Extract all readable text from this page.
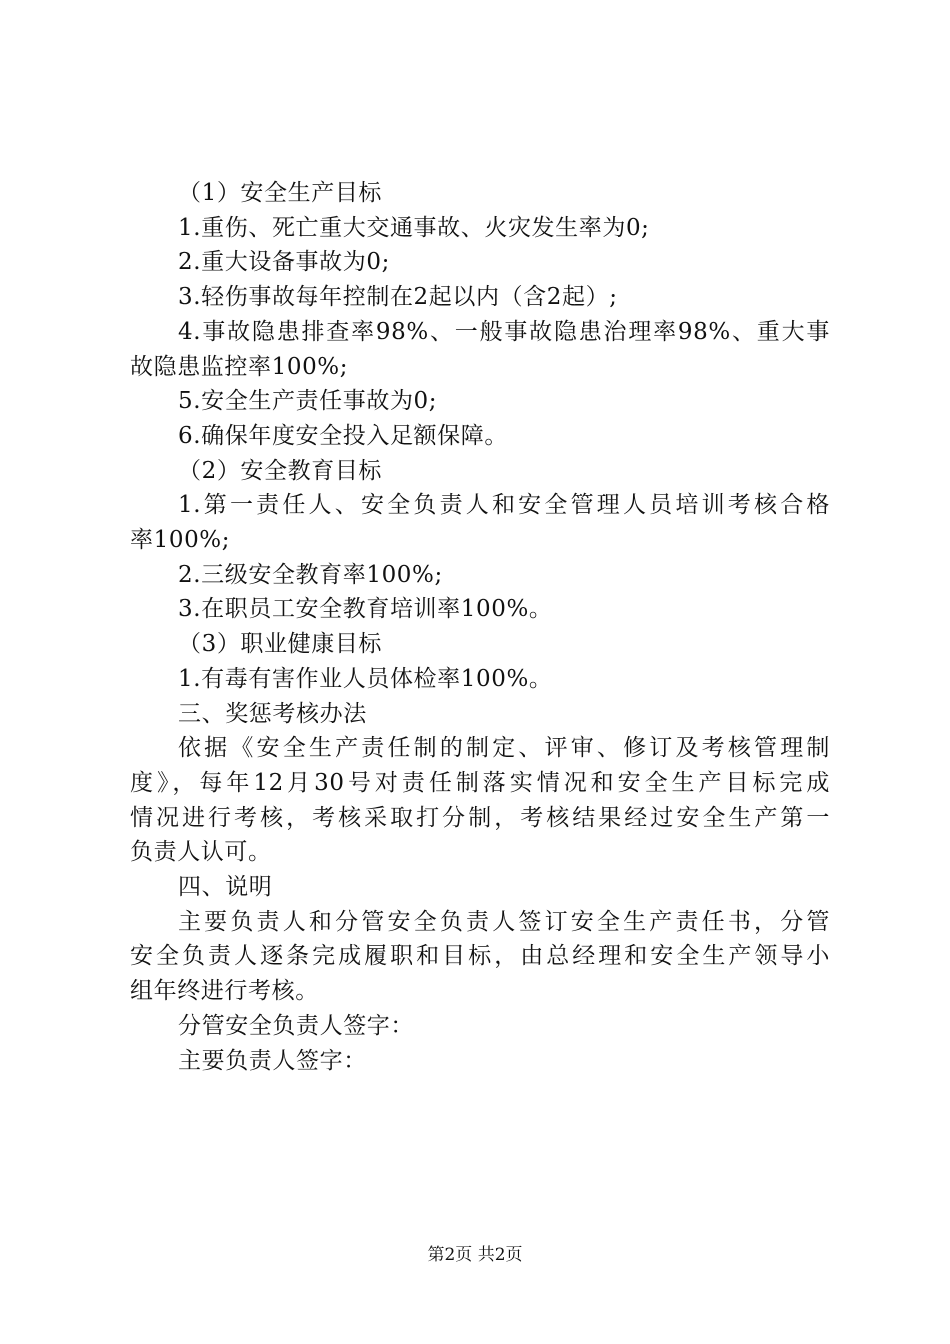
（1）安全生产目标
1.重伤、死亡重大交通事故、火灾发生率为0;
2.重大设备事故为0;
3.轻伤事故每年控制在2起以内（含2起）;
4.事故隐患排查率98%、一般事故隐患治理率98%、重大事
故隐患监控率100%;
5.安全生产责任事故为0;
6.确保年度安全投入足额保障。
（2）安全教育目标
1.第一责任人、安全负责人和安全管理人员培训考核合格
率100%;
2.三级安全教育率100%;
3.在职员工安全教育培训率100%。
（3）职业健康目标
1.有毒有害作业人员体检率100%。
三、奖惩考核办法
依据《安全生产责任制的制定、评审、修订及考核管理制
度》，每年12月30号对责任制落实情况和安全生产目标完成
情况进行考核，考核采取打分制，考核结果经过安全生产第一
负责人认可。
四、说明
主要负责人和分管安全负责人签订安全生产责任书，分管
安全负责人逐条完成履职和目标，由总经理和安全生产领导小
组年终进行考核。
分管安全负责人签字：
主要负责人签字：
第2页 共2页
